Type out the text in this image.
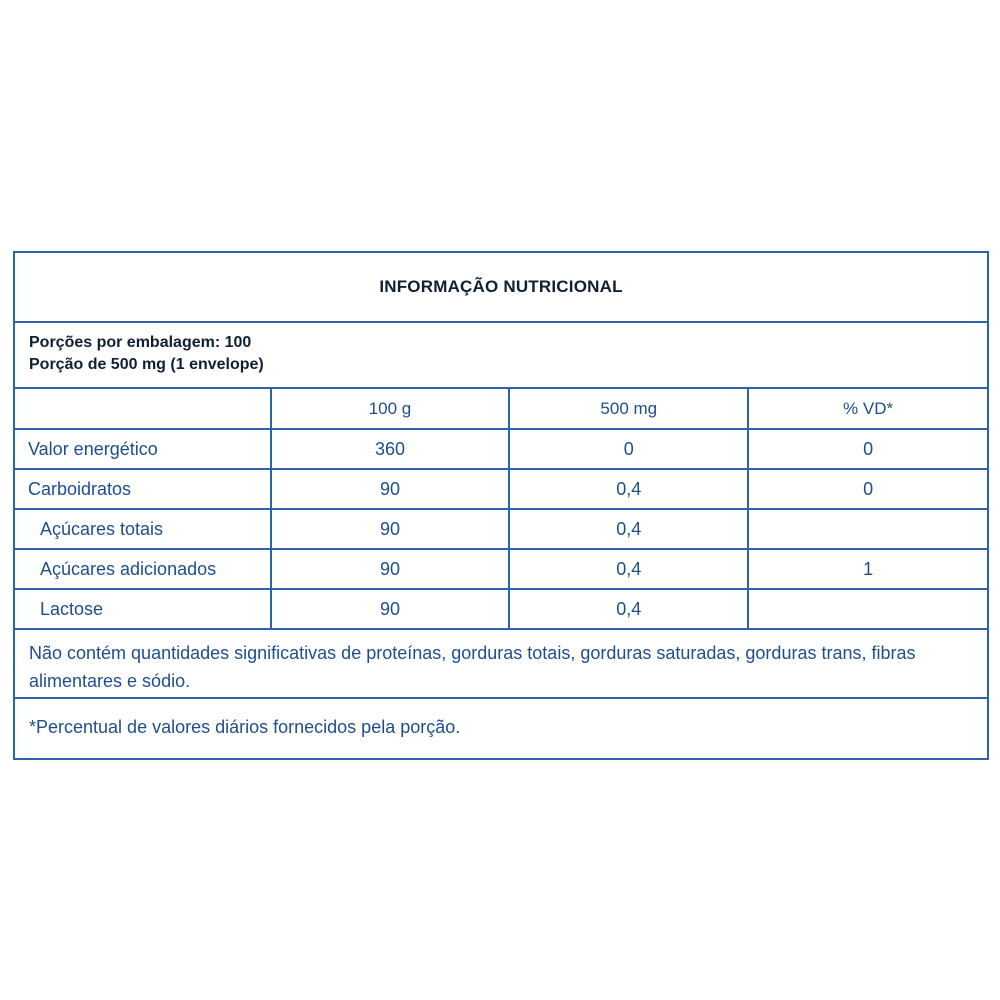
INFORMAÇÃO NUTRICIONAL
Porções por embalagem: 100
Porção de 500 mg (1 envelope)
	100 g	500 mg	% VD*
Valor energético	360	0	0
Carboidratos	90	0,4	0
Açúcares totais	90	0,4	
Açúcares adicionados	90	0,4	1
Lactose	90	0,4	
Não contém quantidades significativas de proteínas, gorduras totais, gorduras saturadas, gorduras trans, fibras alimentares e sódio.
*Percentual de valores diários fornecidos pela porção.
